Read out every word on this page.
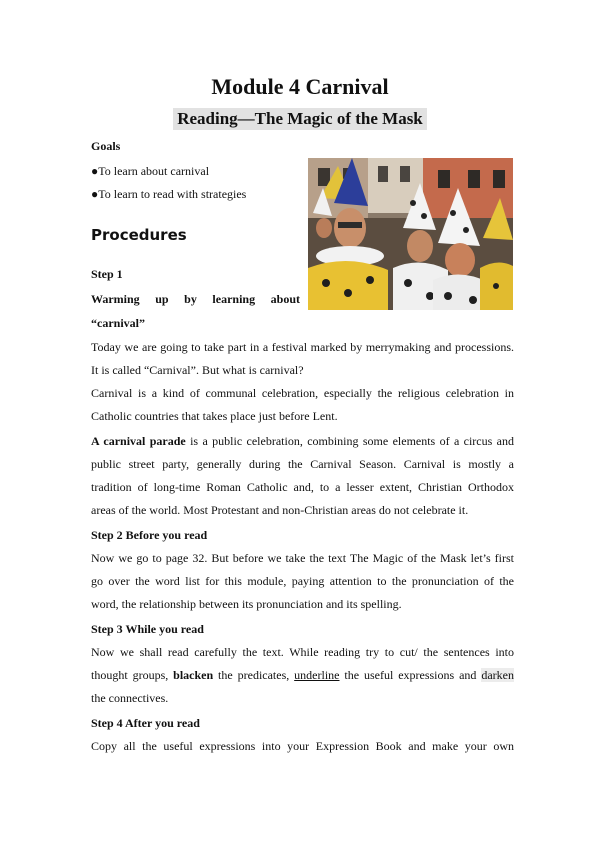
Module 4 Carnival
Reading—The Magic of the Mask
Goals
●To learn about carnival
●To learn to read with strategies
Procedures
Step 1
Warming up by learning about
“carnival”
Today we are going to take part in a festival marked by merrymaking and processions.
It is called “Carnival”. But what is carnival?
Carnival is a kind of communal celebration, especially the religious celebration in
Catholic countries that takes place just before Lent.
A carnival parade is a public celebration, combining some elements of a circus and
public street party, generally during the Carnival Season. Carnival is mostly a
tradition of long-time Roman Catholic and, to a lesser extent, Christian Orthodox
areas of the world. Most Protestant and non-Christian areas do not celebrate it.
Step 2 Before you read
Now we go to page 32. But before we take the text The Magic of the Mask let’s first
go over the word list for this module, paying attention to the pronunciation of the
word, the relationship between its pronunciation and its spelling.
Step 3 While you read
Now we shall read carefully the text. While reading try to cut/ the sentences into
thought groups, blacken the predicates, underline the useful expressions and darken
the connectives.
Step 4 After you read
Copy all the useful expressions into your Expression Book and make your own
